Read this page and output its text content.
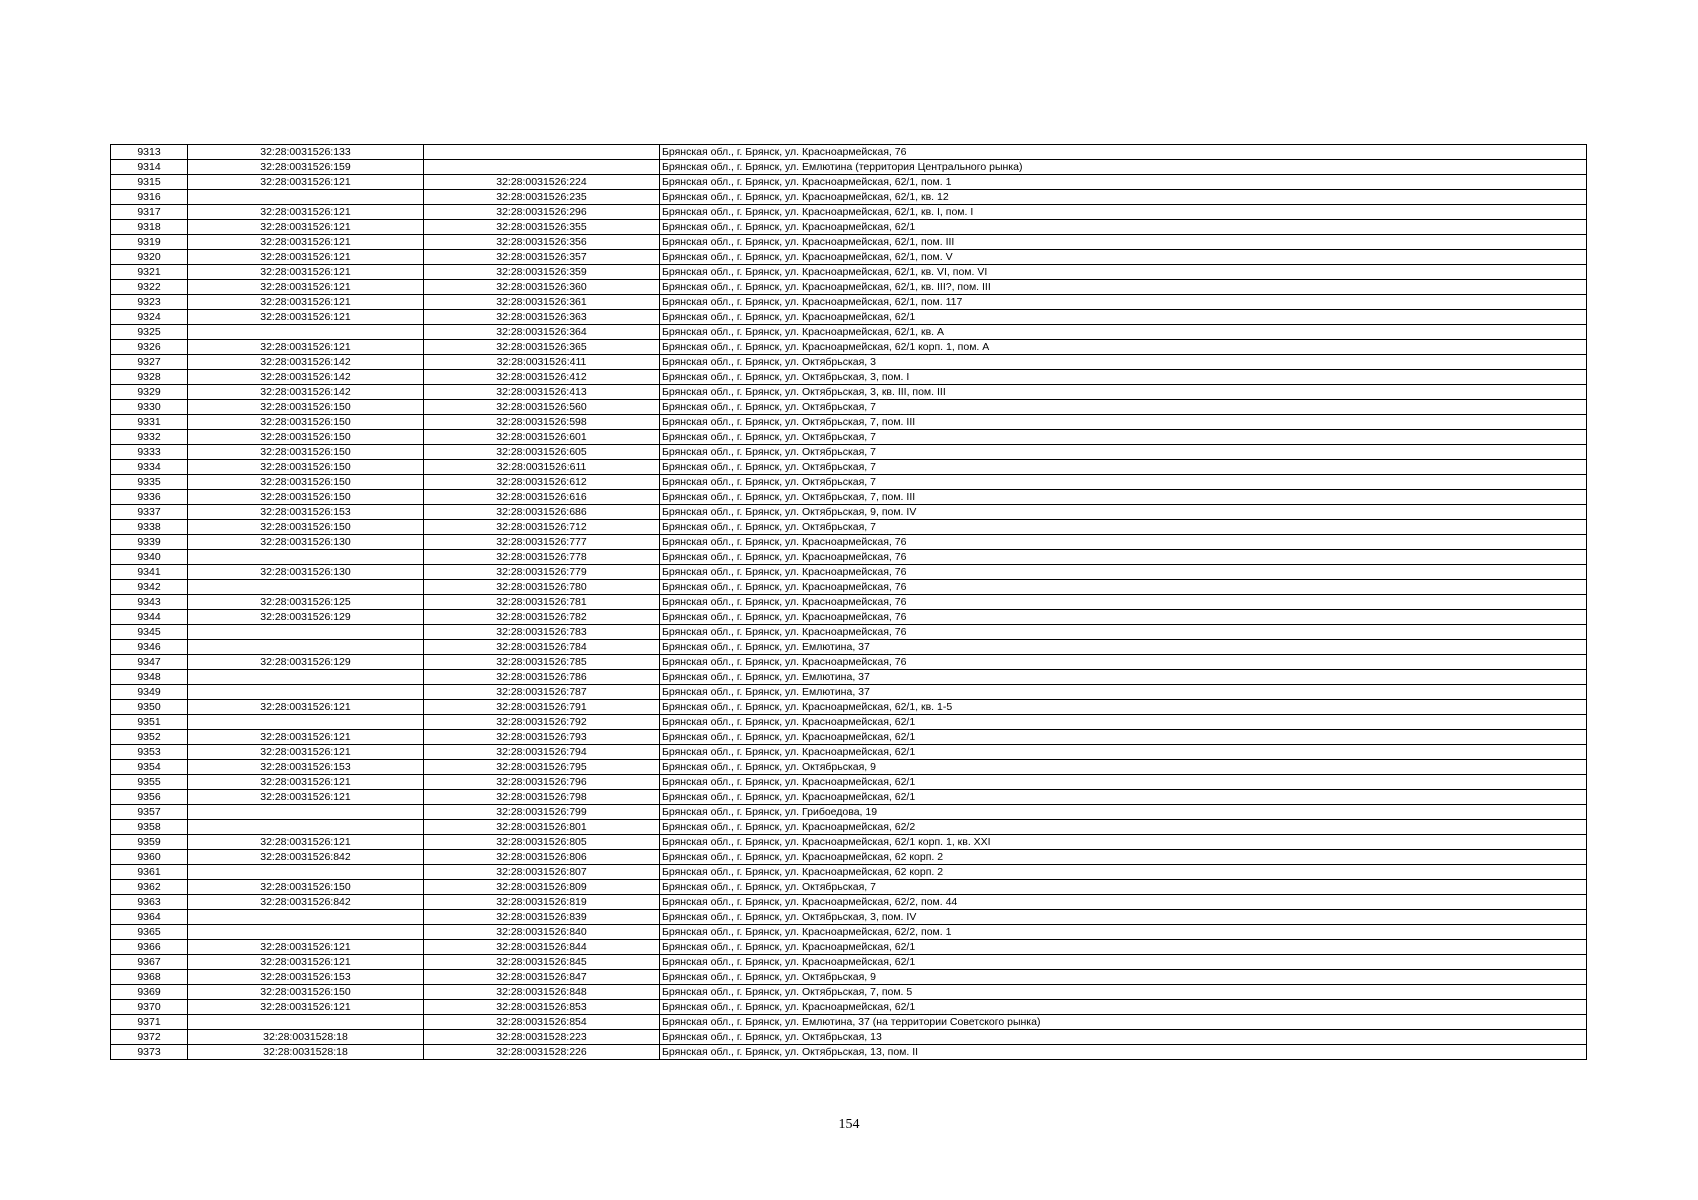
9313	32:28:0031526:133		Брянская обл., г. Брянск, ул. Красноармейская, 76
9314	32:28:0031526:159		Брянская обл., г. Брянск, ул. Емлютина (территория Центрального рынка)
9315	32:28:0031526:121	32:28:0031526:224	Брянская обл., г. Брянск, ул. Красноармейская, 62/1, пом. 1
9316		32:28:0031526:235	Брянская обл., г. Брянск, ул. Красноармейская, 62/1, кв. 12
9317	32:28:0031526:121	32:28:0031526:296	Брянская обл., г. Брянск, ул. Красноармейская, 62/1, кв. I, пом. I
9318	32:28:0031526:121	32:28:0031526:355	Брянская обл., г. Брянск, ул. Красноармейская, 62/1
9319	32:28:0031526:121	32:28:0031526:356	Брянская обл., г. Брянск, ул. Красноармейская, 62/1, пом. III
9320	32:28:0031526:121	32:28:0031526:357	Брянская обл., г. Брянск, ул. Красноармейская, 62/1, пом. V
9321	32:28:0031526:121	32:28:0031526:359	Брянская обл., г. Брянск, ул. Красноармейская, 62/1, кв. VI, пом. VI
9322	32:28:0031526:121	32:28:0031526:360	Брянская обл., г. Брянск, ул. Красноармейская, 62/1, кв. III?, пом. III
9323	32:28:0031526:121	32:28:0031526:361	Брянская обл., г. Брянск, ул. Красноармейская, 62/1, пом. 117
9324	32:28:0031526:121	32:28:0031526:363	Брянская обл., г. Брянск, ул. Красноармейская, 62/1
9325		32:28:0031526:364	Брянская обл., г. Брянск, ул. Красноармейская, 62/1, кв. А
9326	32:28:0031526:121	32:28:0031526:365	Брянская обл., г. Брянск, ул. Красноармейская, 62/1 корп. 1, пом. А
9327	32:28:0031526:142	32:28:0031526:411	Брянская обл., г. Брянск, ул. Октябрьская, 3
9328	32:28:0031526:142	32:28:0031526:412	Брянская обл., г. Брянск, ул. Октябрьская, 3, пом. I
9329	32:28:0031526:142	32:28:0031526:413	Брянская обл., г. Брянск, ул. Октябрьская, 3, кв. III, пом. III
9330	32:28:0031526:150	32:28:0031526:560	Брянская обл., г. Брянск, ул. Октябрьская, 7
9331	32:28:0031526:150	32:28:0031526:598	Брянская обл., г. Брянск, ул. Октябрьская, 7, пом. III
9332	32:28:0031526:150	32:28:0031526:601	Брянская обл., г. Брянск, ул. Октябрьская, 7
9333	32:28:0031526:150	32:28:0031526:605	Брянская обл., г. Брянск, ул. Октябрьская, 7
9334	32:28:0031526:150	32:28:0031526:611	Брянская обл., г. Брянск, ул. Октябрьская, 7
9335	32:28:0031526:150	32:28:0031526:612	Брянская обл., г. Брянск, ул. Октябрьская, 7
9336	32:28:0031526:150	32:28:0031526:616	Брянская обл., г. Брянск, ул. Октябрьская, 7, пом. III
9337	32:28:0031526:153	32:28:0031526:686	Брянская обл., г. Брянск, ул. Октябрьская, 9, пом. IV
9338	32:28:0031526:150	32:28:0031526:712	Брянская обл., г. Брянск, ул. Октябрьская, 7
9339	32:28:0031526:130	32:28:0031526:777	Брянская обл., г. Брянск, ул. Красноармейская, 76
9340		32:28:0031526:778	Брянская обл., г. Брянск, ул. Красноармейская, 76
9341	32:28:0031526:130	32:28:0031526:779	Брянская обл., г. Брянск, ул. Красноармейская, 76
9342		32:28:0031526:780	Брянская обл., г. Брянск, ул. Красноармейская, 76
9343	32:28:0031526:125	32:28:0031526:781	Брянская обл., г. Брянск, ул. Красноармейская, 76
9344	32:28:0031526:129	32:28:0031526:782	Брянская обл., г. Брянск, ул. Красноармейская, 76
9345		32:28:0031526:783	Брянская обл., г. Брянск, ул. Красноармейская, 76
9346		32:28:0031526:784	Брянская обл., г. Брянск, ул. Емлютина, 37
9347	32:28:0031526:129	32:28:0031526:785	Брянская обл., г. Брянск, ул. Красноармейская, 76
9348		32:28:0031526:786	Брянская обл., г. Брянск, ул. Емлютина, 37
9349		32:28:0031526:787	Брянская обл., г. Брянск, ул. Емлютина, 37
9350	32:28:0031526:121	32:28:0031526:791	Брянская обл., г. Брянск, ул. Красноармейская, 62/1, кв. 1-5
9351		32:28:0031526:792	Брянская обл., г. Брянск, ул. Красноармейская, 62/1
9352	32:28:0031526:121	32:28:0031526:793	Брянская обл., г. Брянск, ул. Красноармейская, 62/1
9353	32:28:0031526:121	32:28:0031526:794	Брянская обл., г. Брянск, ул. Красноармейская, 62/1
9354	32:28:0031526:153	32:28:0031526:795	Брянская обл., г. Брянск, ул. Октябрьская, 9
9355	32:28:0031526:121	32:28:0031526:796	Брянская обл., г. Брянск, ул. Красноармейская, 62/1
9356	32:28:0031526:121	32:28:0031526:798	Брянская обл., г. Брянск, ул. Красноармейская, 62/1
9357		32:28:0031526:799	Брянская обл., г. Брянск, ул. Грибоедова, 19
9358		32:28:0031526:801	Брянская обл., г. Брянск, ул. Красноармейская, 62/2
9359	32:28:0031526:121	32:28:0031526:805	Брянская обл., г. Брянск, ул. Красноармейская, 62/1 корп. 1, кв. XXI
9360	32:28:0031526:842	32:28:0031526:806	Брянская обл., г. Брянск, ул. Красноармейская, 62 корп. 2
9361		32:28:0031526:807	Брянская обл., г. Брянск, ул. Красноармейская, 62 корп. 2
9362	32:28:0031526:150	32:28:0031526:809	Брянская обл., г. Брянск, ул. Октябрьская, 7
9363	32:28:0031526:842	32:28:0031526:819	Брянская обл., г. Брянск, ул. Красноармейская, 62/2, пом. 44
9364		32:28:0031526:839	Брянская обл., г. Брянск, ул. Октябрьская, 3, пом. IV
9365		32:28:0031526:840	Брянская обл., г. Брянск, ул. Красноармейская, 62/2, пом. 1
9366	32:28:0031526:121	32:28:0031526:844	Брянская обл., г. Брянск, ул. Красноармейская, 62/1
9367	32:28:0031526:121	32:28:0031526:845	Брянская обл., г. Брянск, ул. Красноармейская, 62/1
9368	32:28:0031526:153	32:28:0031526:847	Брянская обл., г. Брянск, ул. Октябрьская, 9
9369	32:28:0031526:150	32:28:0031526:848	Брянская обл., г. Брянск, ул. Октябрьская, 7, пом. 5
9370	32:28:0031526:121	32:28:0031526:853	Брянская обл., г. Брянск, ул. Красноармейская, 62/1
9371		32:28:0031526:854	Брянская обл., г. Брянск, ул. Емлютина, 37 (на территории Советского рынка)
9372	32:28:0031528:18	32:28:0031528:223	Брянская обл., г. Брянск, ул. Октябрьская, 13
9373	32:28:0031528:18	32:28:0031528:226	Брянская обл., г. Брянск, ул. Октябрьская, 13, пом. II
154
